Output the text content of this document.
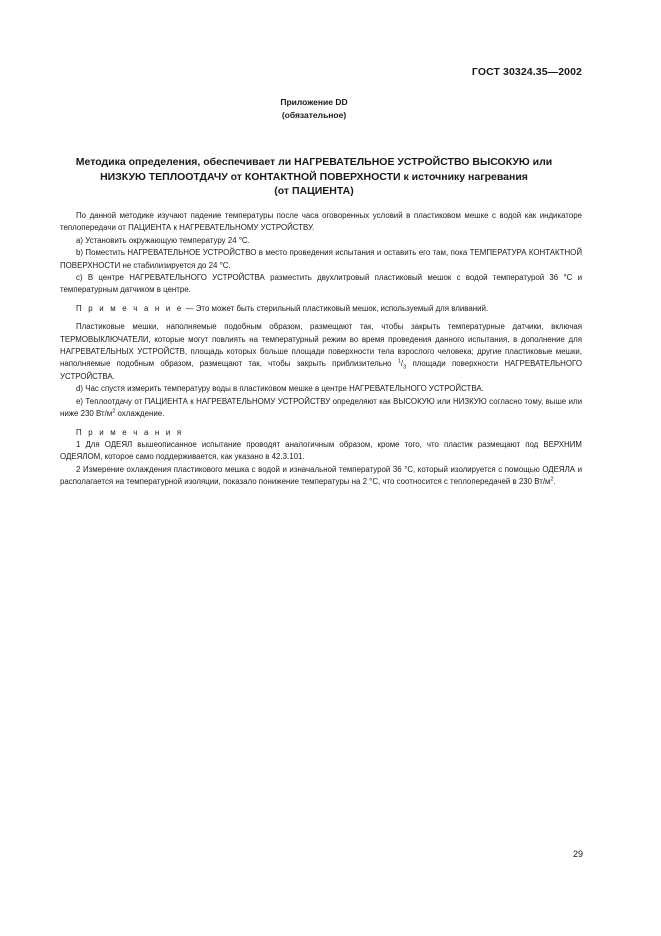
ГОСТ 30324.35—2002
Приложение DD
(обязательное)
Методика определения, обеспечивает ли НАГРЕВАТЕЛЬНОЕ УСТРОЙСТВО ВЫСОКУЮ или
НИЗКУЮ ТЕПЛООТДАЧУ от КОНТАКТНОЙ ПОВЕРХНОСТИ к источнику нагревания
(от ПАЦИЕНТА)

По данной методике изучают падение температуры после часа оговоренных условий в пластиковом мешке с водой как индикаторе теплопередачи от ПАЦИЕНТА к НАГРЕВАТЕЛЬНОМУ УСТРОЙСТВУ.

а) Установить окружающую температуру 24 °С.

b) Поместить НАГРЕВАТЕЛЬНОЕ УСТРОЙСТВО в место проведения испытания и оставить его там, пока ТЕМПЕРАТУРА КОНТАКТНОЙ ПОВЕРХНОСТИ не стабилизируется до 24 °С.

с) В центре НАГРЕВАТЕЛЬНОГО УСТРОЙСТВА разместить двухлитровый пластиковый мешок с водой температурой 36 °С и температурным датчиком в центре.

П р и м е ч а н и е — Это может быть стерильный пластиковый мешок, используемый для вливаний.

Пластиковые мешки, наполняемые подобным образом, размещают так, чтобы закрыть температурные датчики, включая ТЕРМОВЫКЛЮЧАТЕЛИ, которые могут повлиять на температурный режим во время проведения данного испытания, в дополнение для НАГРЕВАТЕЛЬНЫХ УСТРОЙСТВ, площадь которых больше площади поверхности тела взрослого человека; другие пластиковые мешки, наполняемые подобным образом, размещают так, чтобы закрыть приблизительно $^1/_3$ площади поверхности НАГРЕВАТЕЛЬНОГО УСТРОЙСТВА.

d) Час спустя измерить температуру воды в пластиковом мешке в центре НАГРЕВАТЕЛЬНОГО УСТРОЙСТВА.

е) Теплоотдачу от ПАЦИЕНТА к НАГРЕВАТЕЛЬНОМУ УСТРОЙСТВУ определяют как ВЫСОКУЮ или НИЗКУЮ согласно тому, выше или ниже 230 $Вт/м^2$ охлаждение.

П р и м е ч а н и я

1 Для ОДЕЯЛ вышеописанное испытание проводят аналогичным образом, кроме того, что пластик размещают под ВЕРХНИМ ОДЕЯЛОМ, которое само поддерживается, как указано в 42.3.101.

2 Измерение охлаждения пластикового мешка с водой и изначальной температурой 36 °С, который изолируется с помощью ОДЕЯЛА и располагается на температурной изоляции, показало понижение температуры на 2 °С, что соотносится с теплопередачей в 230 $Вт/м^2$.

29
